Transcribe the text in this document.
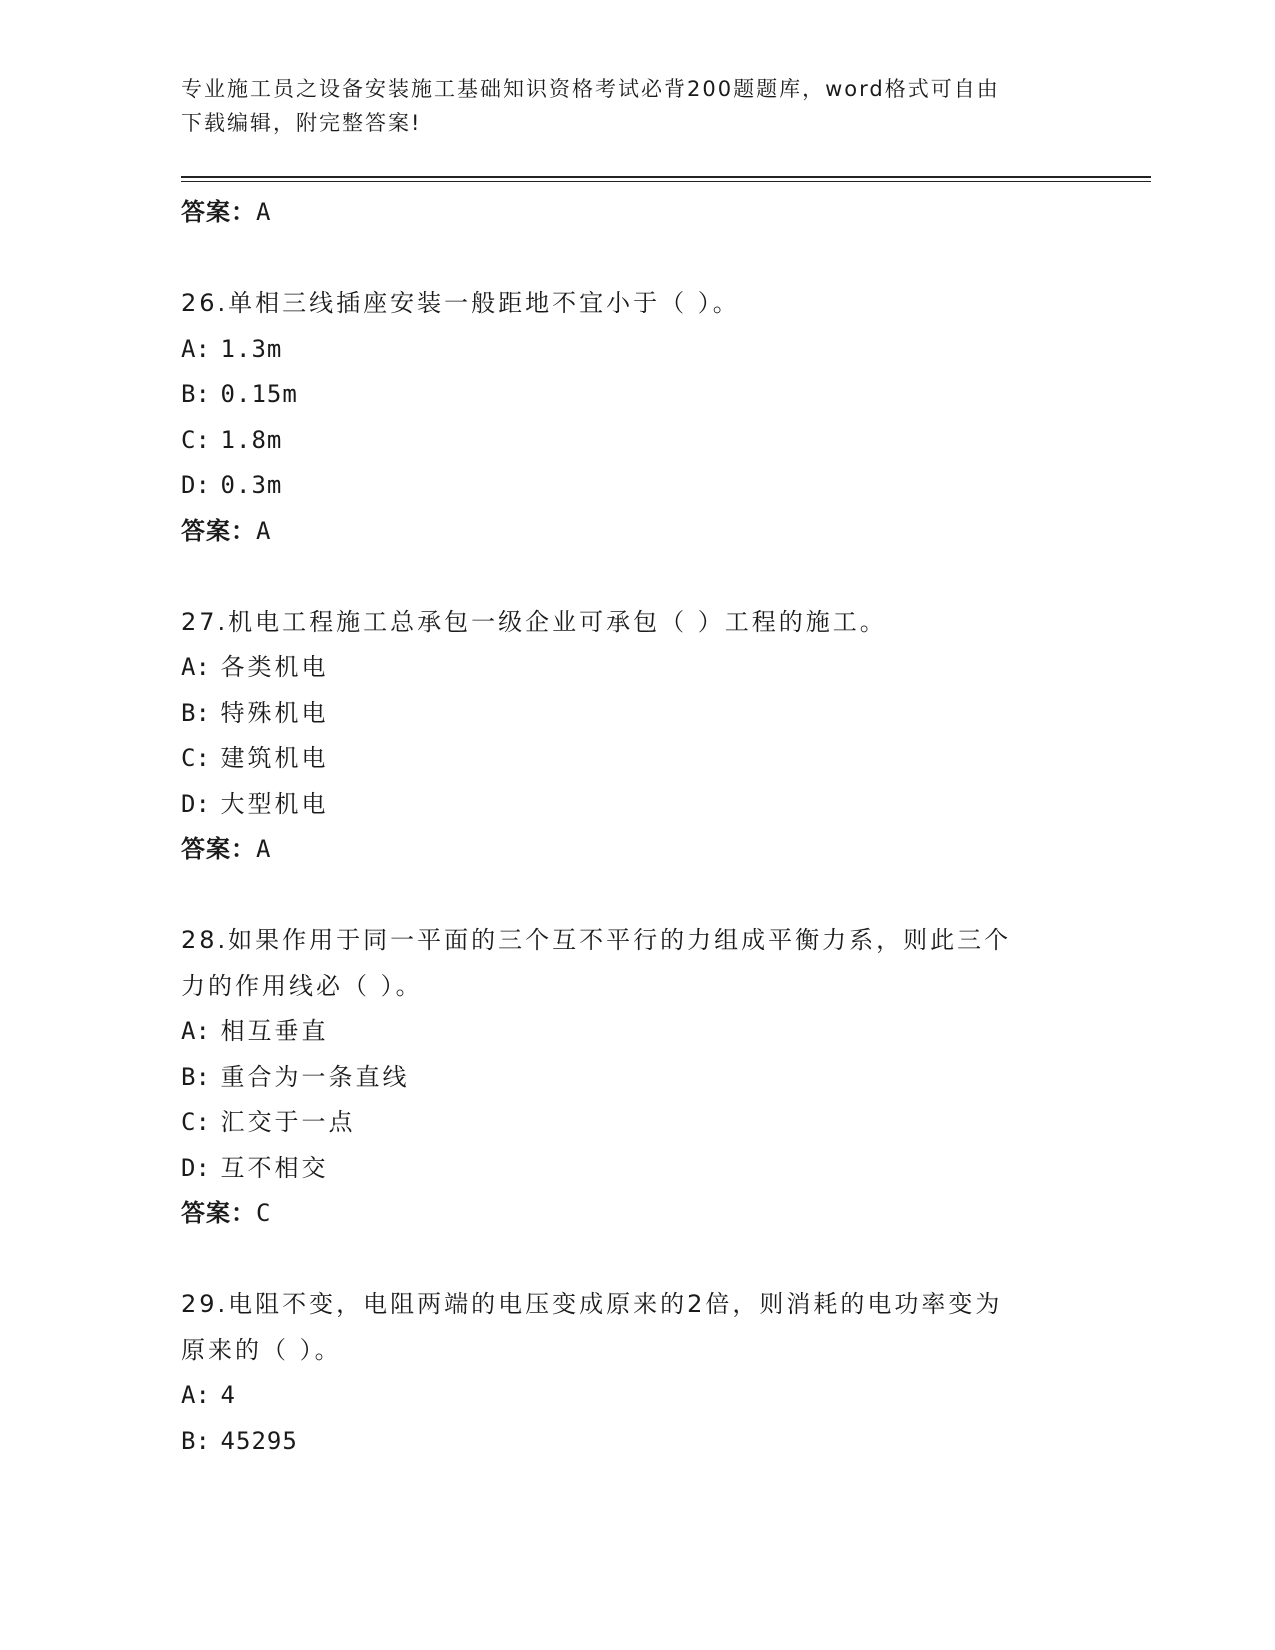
专业施工员之设备安装施工基础知识资格考试必背200题题库，word格式可自由
下载编辑，附完整答案!
答案：A
26.单相三线插座安装一般距地不宜小于（ ）。
A: 1.3m
B: 0.15m
C: 1.8m
D: 0.3m
答案：A
27.机电工程施工总承包一级企业可承包（ ）工程的施工。
A: 各类机电
B: 特殊机电
C: 建筑机电
D: 大型机电
答案：A
28.如果作用于同一平面的三个互不平行的力组成平衡力系，则此三个
力的作用线必（ ）。
A: 相互垂直
B: 重合为一条直线
C: 汇交于一点
D: 互不相交
答案：C
29.电阻不变，电阻两端的电压变成原来的2倍，则消耗的电功率变为
原来的（ ）。
A: 4
B: 45295
